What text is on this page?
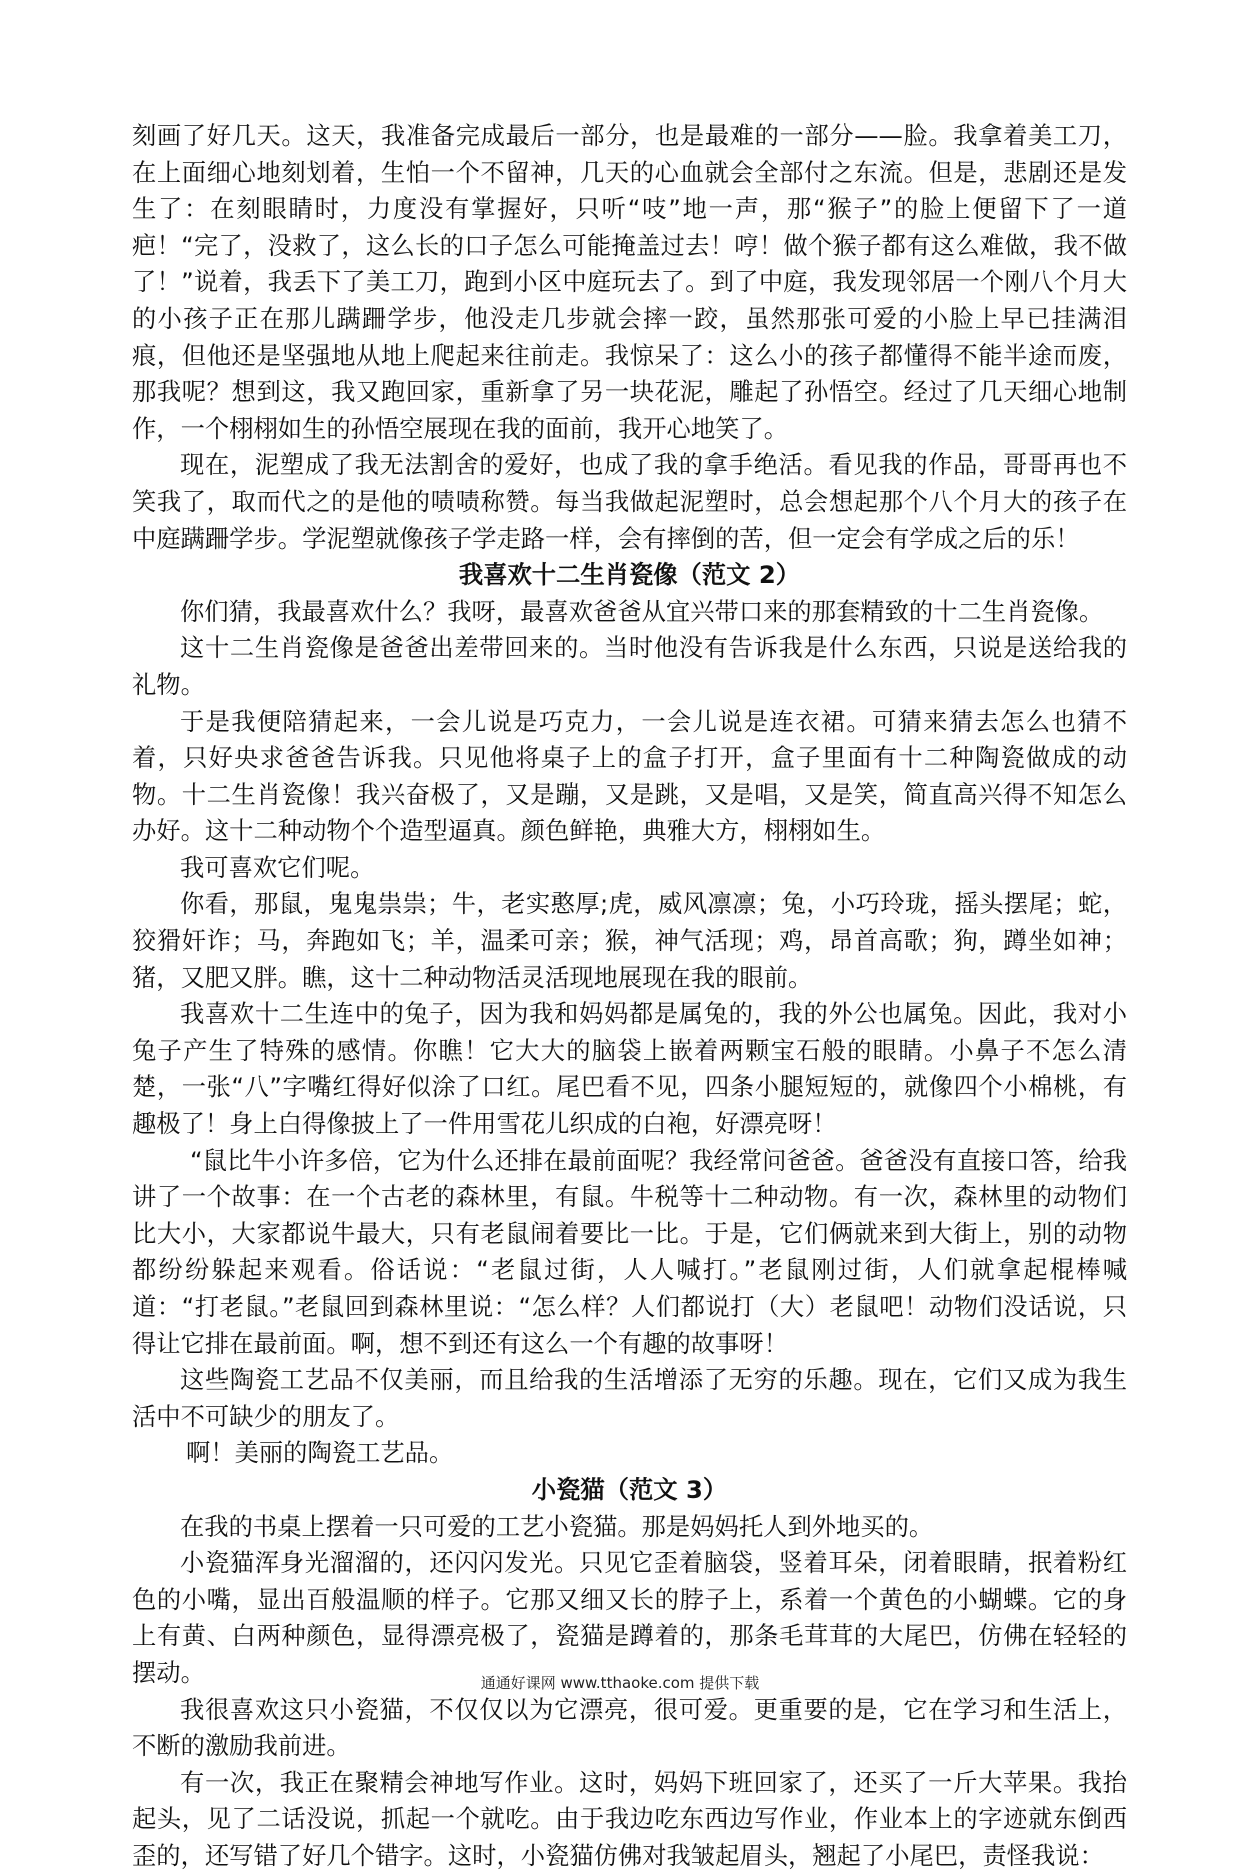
刻画了好几天。这天，我准备完成最后一部分，也是最难的一部分——脸。我拿着美工刀，在上面细心地刻划着，生怕一个不留神，几天的心血就会全部付之东流。但是，悲剧还是发生了：在刻眼睛时，力度没有掌握好，只听“吱”地一声，那“猴子”的脸上便留下了一道疤！“完了，没救了，这么长的口子怎么可能掩盖过去！哼！做个猴子都有这么难做，我不做了！”说着，我丢下了美工刀，跑到小区中庭玩去了。到了中庭，我发现邻居一个刚八个月大的小孩子正在那儿蹒跚学步，他没走几步就会摔一跤，虽然那张可爱的小脸上早已挂满泪痕，但他还是坚强地从地上爬起来往前走。我惊呆了：这么小的孩子都懂得不能半途而废，那我呢？想到这，我又跑回家，重新拿了另一块花泥，雕起了孙悟空。经过了几天细心地制作，一个栩栩如生的孙悟空展现在我的面前，我开心地笑了。

现在，泥塑成了我无法割舍的爱好，也成了我的拿手绝活。看见我的作品，哥哥再也不笑我了，取而代之的是他的啧啧称赞。每当我做起泥塑时，总会想起那个八个月大的孩子在中庭蹒跚学步。学泥塑就像孩子学走路一样，会有摔倒的苦，但一定会有学成之后的乐！

我喜欢十二生肖瓷像（范文 2）

你们猜，我最喜欢什么？我呀，最喜欢爸爸从宜兴带口来的那套精致的十二生肖瓷像。

这十二生肖瓷像是爸爸出差带回来的。当时他没有告诉我是什么东西，只说是送给我的礼物。

于是我便陪猜起来，一会儿说是巧克力，一会儿说是连衣裙。可猜来猜去怎么也猜不着，只好央求爸爸告诉我。只见他将桌子上的盒子打开，盒子里面有十二种陶瓷做成的动物。十二生肖瓷像！我兴奋极了，又是蹦，又是跳，又是唱，又是笑，简直高兴得不知怎么办好。这十二种动物个个造型逼真。颜色鲜艳，典雅大方，栩栩如生。

我可喜欢它们呢。

你看，那鼠，鬼鬼祟祟；牛，老实憨厚;虎，威风凛凛；兔，小巧玲珑，摇头摆尾；蛇，狡猾奸诈；马，奔跑如飞；羊，温柔可亲；猴，神气活现；鸡，昂首高歌；狗，蹲坐如神；猪，又肥又胖。瞧，这十二种动物活灵活现地展现在我的眼前。

我喜欢十二生连中的兔子，因为我和妈妈都是属兔的，我的外公也属兔。因此，我对小兔子产生了特殊的感情。你瞧！它大大的脑袋上嵌着两颗宝石般的眼睛。小鼻子不怎么清楚，一张“八”字嘴红得好似涂了口红。尾巴看不见，四条小腿短短的，就像四个小棉桃，有趣极了！身上白得像披上了一件用雪花儿织成的白袍，好漂亮呀！

“鼠比牛小许多倍，它为什么还排在最前面呢？我经常问爸爸。爸爸没有直接口答，给我讲了一个故事：在一个古老的森林里，有鼠。牛税等十二种动物。有一次，森林里的动物们比大小，大家都说牛最大，只有老鼠闹着要比一比。于是，它们俩就来到大街上，别的动物都纷纷躲起来观看。俗话说：“老鼠过街，人人喊打。”老鼠刚过街，人们就拿起棍棒喊道：“打老鼠。”老鼠回到森林里说：“怎么样？人们都说打（大）老鼠吧！动物们没话说，只得让它排在最前面。啊，想不到还有这么一个有趣的故事呀！

这些陶瓷工艺品不仅美丽，而且给我的生活增添了无穷的乐趣。现在，它们又成为我生活中不可缺少的朋友了。

啊！美丽的陶瓷工艺品。

小瓷猫（范文 3）

在我的书桌上摆着一只可爱的工艺小瓷猫。那是妈妈托人到外地买的。

小瓷猫浑身光溜溜的，还闪闪发光。只见它歪着脑袋，竖着耳朵，闭着眼睛，抿着粉红色的小嘴，显出百般温顺的样子。它那又细又长的脖子上，系着一个黄色的小蝴蝶。它的身上有黄、白两种颜色，显得漂亮极了，瓷猫是蹲着的，那条毛茸茸的大尾巴，仿佛在轻轻的摆动。

我很喜欢这只小瓷猫，不仅仅以为它漂亮，很可爱。更重要的是，它在学习和生活上，不断的激励我前进。

有一次，我正在聚精会神地写作业。这时，妈妈下班回家了，还买了一斤大苹果。我抬起头，见了二话没说，抓起一个就吃。由于我边吃东西边写作业，作业本上的字迹就东倒西歪的，还写错了好几个错字。这时，小瓷猫仿佛对我皱起眉头，翘起了小尾巴，责怪我说：

通通好课网 www.tthaoke.com 提供下载
